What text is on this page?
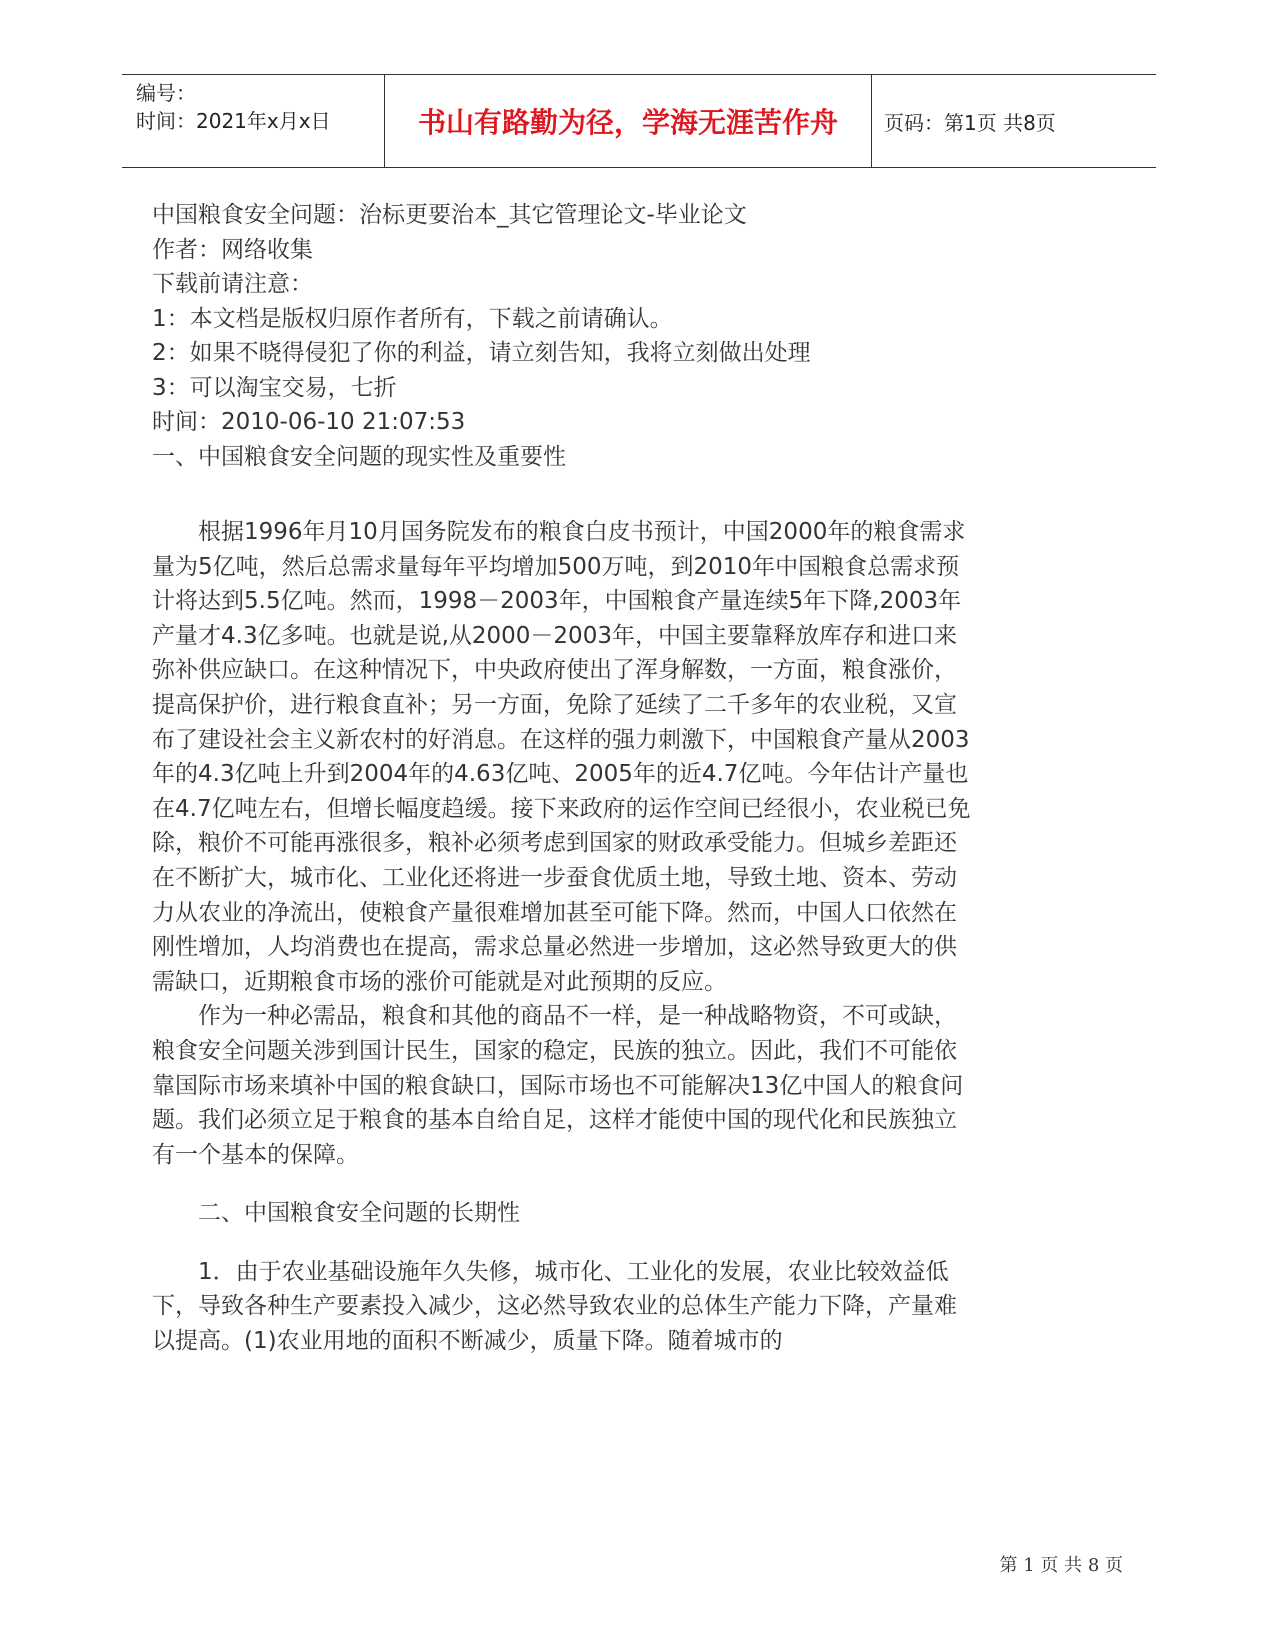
编号：
时间：2021年x月x日	书山有路勤为径，学海无涯苦作舟 页码：第1页 共8页
中国粮食安全问题：治标更要治本_其它管理论文-毕业论文
作者：网络收集
下载前请注意：
1：本文档是版权归原作者所有，下载之前请确认。
2：如果不晓得侵犯了你的利益，请立刻告知，我将立刻做出处理
3：可以淘宝交易，七折
时间：2010-06-10 21:07:53
一、中国粮食安全问题的现实性及重要性

根据1996年月10月国务院发布的粮食白皮书预计，中国2000年的粮食需求量为5亿吨，然后总需求量每年平均增加500万吨，到2010年中国粮食总需求预计将达到5.5亿吨。然而，1998－2003年，中国粮食产量连续5年下降,2003年产量才4.3亿多吨。也就是说,从2000－2003年，中国主要靠释放库存和进口来弥补供应缺口。在这种情况下，中央政府使出了浑身解数，一方面，粮食涨价，提高保护价，进行粮食直补；另一方面，免除了延续了二千多年的农业税，又宣布了建设社会主义新农村的好消息。在这样的强力刺激下，中国粮食产量从2003年的4.3亿吨上升到2004年的4.63亿吨、2005年的近4.7亿吨。今年估计产量也在4.7亿吨左右，但增长幅度趋缓。接下来政府的运作空间已经很小，农业税已免除，粮价不可能再涨很多，粮补必须考虑到国家的财政承受能力。但城乡差距还在不断扩大，城市化、工业化还将进一步蚕食优质土地，导致土地、资本、劳动力从农业的净流出，使粮食产量很难增加甚至可能下降。然而，中国人口依然在刚性增加，人均消费也在提高，需求总量必然进一步增加，这必然导致更大的供需缺口，近期粮食市场的涨价可能就是对此预期的反应。

作为一种必需品，粮食和其他的商品不一样，是一种战略物资，不可或缺，粮食安全问题关涉到国计民生，国家的稳定，民族的独立。因此，我们不可能依靠国际市场来填补中国的粮食缺口，国际市场也不可能解决13亿中国人的粮食问题。我们必须立足于粮食的基本自给自足，这样才能使中国的现代化和民族独立有一个基本的保障。

二、中国粮食安全问题的长期性

1．由于农业基础设施年久失修，城市化、工业化的发展，农业比较效益低下，导致各种生产要素投入减少，这必然导致农业的总体生产能力下降，产量难以提高。(1)农业用地的面积不断减少，质量下降。随着城市的

第 1 页 共 8 页
